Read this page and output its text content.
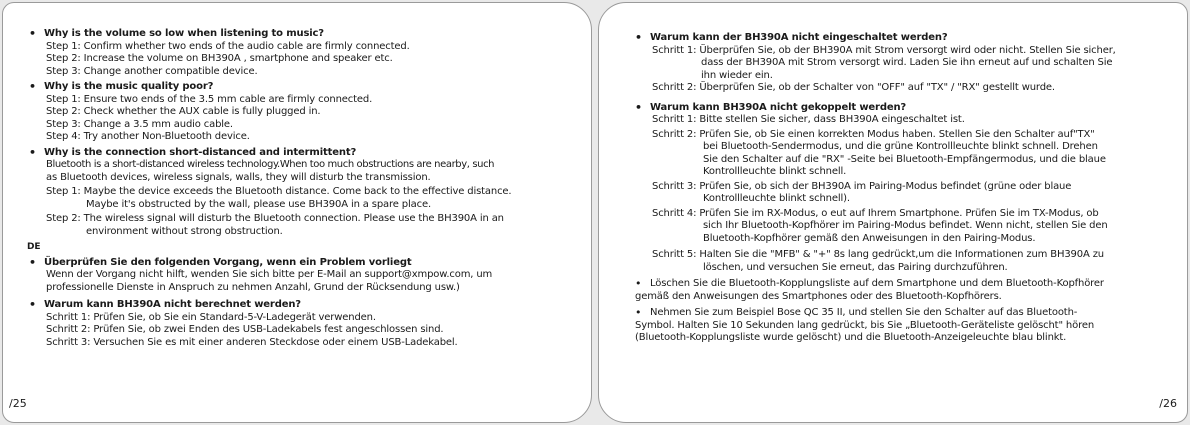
• Why is the volume so low when listening to music?
Step 1: Confirm whether two ends of the audio cable are firmly connected.
Step 2: Increase the volume on BH390A , smartphone and speaker etc.
Step 3: Change another compatible device.
• Why is the music quality poor?
Step 1: Ensure two ends of the 3.5 mm cable are firmly connected.
Step 2: Check whether the AUX cable is fully plugged in.
Step 3: Change a 3.5 mm audio cable.
Step 4: Try another Non-Bluetooth device.
• Why is the connection short-distanced and intermittent?
Bluetooth is a short-distanced wireless technology.When too much obstructions are nearby, such
as Bluetooth devices, wireless signals, walls, they will disturb the transmission.
Step 1: Maybe the device exceeds the Bluetooth distance. Come back to the effective distance.
Maybe it's obstructed by the wall, please use BH390A in a spare place.
Step 2: The wireless signal will disturb the Bluetooth connection. Please use the BH390A in an
environment without strong obstruction.
DE
• Überprüfen Sie den folgenden Vorgang, wenn ein Problem vorliegt
Wenn der Vorgang nicht hilft, wenden Sie sich bitte per E-Mail an support@xmpow.com, um
professionelle Dienste in Anspruch zu nehmen Anzahl, Grund der Rücksendung usw.)
• Warum kann BH390A nicht berechnet werden?
Schritt 1: Prüfen Sie, ob Sie ein Standard-5-V-Ladegerät verwenden.
Schritt 2: Prüfen Sie, ob zwei Enden des USB-Ladekabels fest angeschlossen sind.
Schritt 3: Versuchen Sie es mit einer anderen Steckdose oder einem USB-Ladekabel.
/25
• Warum kann der BH390A nicht eingeschaltet werden?
Schritt 1: Überprüfen Sie, ob der BH390A mit Strom versorgt wird oder nicht. Stellen Sie sicher,
dass der BH390A mit Strom versorgt wird. Laden Sie ihn erneut auf und schalten Sie
ihn wieder ein.
Schritt 2: Überprüfen Sie, ob der Schalter von "OFF" auf "TX" / "RX" gestellt wurde.
• Warum kann BH390A nicht gekoppelt werden?
Schritt 1: Bitte stellen Sie sicher, dass BH390A eingeschaltet ist.
Schritt 2: Prüfen Sie, ob Sie einen korrekten Modus haben. Stellen Sie den Schalter auf"TX"
bei Bluetooth-Sendermodus, und die grüne Kontrollleuchte blinkt schnell. Drehen
Sie den Schalter auf die "RX" -Seite bei Bluetooth-Empfängermodus, und die blaue
Kontrollleuchte blinkt schnell.
Schritt 3: Prüfen Sie, ob sich der BH390A im Pairing-Modus befindet (grüne oder blaue
Kontrollleuchte blinkt schnell).
Schritt 4: Prüfen Sie im RX-Modus, o eut auf Ihrem Smartphone. Prüfen Sie im TX-Modus, ob
sich Ihr Bluetooth-Kopfhörer im Pairing-Modus befindet. Wenn nicht, stellen Sie den
Bluetooth-Kopfhörer gemäß den Anweisungen in den Pairing-Modus.
Schritt 5: Halten Sie die "MFB" & "+" 8s lang gedrückt,um die Informationen zum BH390A zu
löschen, und versuchen Sie erneut, das Pairing durchzuführen.
• Löschen Sie die Bluetooth-Kopplungsliste auf dem Smartphone und dem Bluetooth-Kopfhörer
gemäß den Anweisungen des Smartphones oder des Bluetooth-Kopfhörers.
• Nehmen Sie zum Beispiel Bose QC 35 II, und stellen Sie den Schalter auf das Bluetooth-
Symbol. Halten Sie 10 Sekunden lang gedrückt, bis Sie „Bluetooth-Geräteliste gelöscht" hören
(Bluetooth-Kopplungsliste wurde gelöscht) und die Bluetooth-Anzeigeleuchte blau blinkt.
/26
